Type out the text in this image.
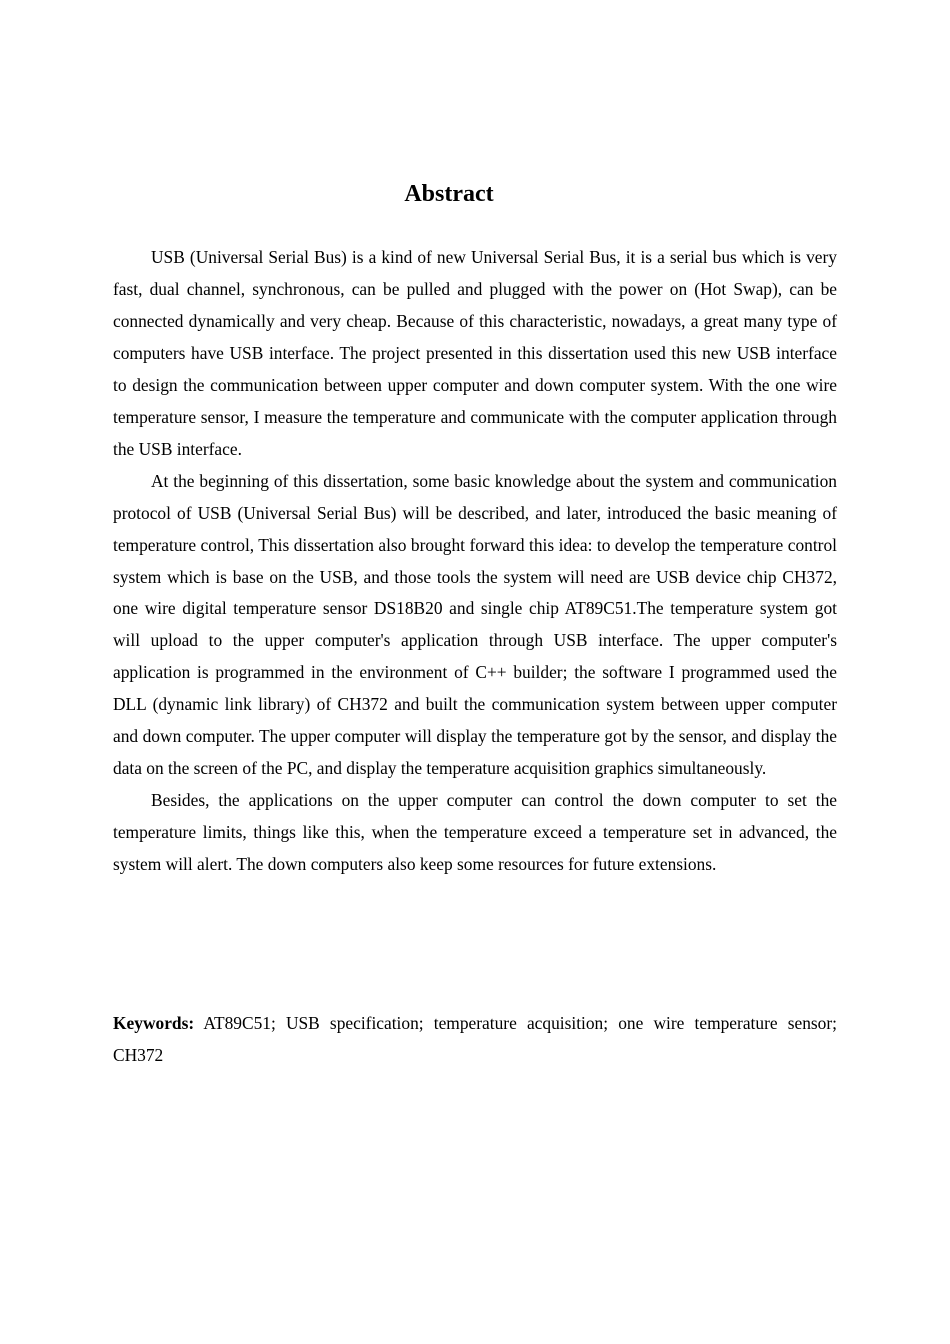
Abstract

USB (Universal Serial Bus) is a kind of new Universal Serial Bus, it is a serial bus which is very fast, dual channel, synchronous, can be pulled and plugged with the power on (Hot Swap), can be connected dynamically and very cheap. Because of this characteristic, nowadays, a great many type of computers have USB interface. The project presented in this dissertation used this new USB interface to design the communication between upper computer and down computer system. With the one wire temperature sensor, I measure the temperature and communicate with the computer application through the USB interface.

At the beginning of this dissertation, some basic knowledge about the system and communication protocol of USB (Universal Serial Bus) will be described, and later, introduced the basic meaning of temperature control, This dissertation also brought forward this idea: to develop the temperature control system which is base on the USB, and those tools the system will need are USB device chip CH372, one wire digital temperature sensor DS18B20 and single chip AT89C51.The temperature system got will upload to the upper computer's application through USB interface. The upper computer's application is programmed in the environment of C++ builder; the software I programmed used the DLL (dynamic link library) of CH372 and built the communication system between upper computer and down computer. The upper computer will display the temperature got by the sensor, and display the data on the screen of the PC, and display the temperature acquisition graphics simultaneously.

Besides, the applications on the upper computer can control the down computer to set the temperature limits, things like this, when the temperature exceed a temperature set in advanced, the system will alert. The down computers also keep some resources for future extensions.

Keywords: AT89C51; USB specification; temperature acquisition; one wire temperature sensor; CH372
